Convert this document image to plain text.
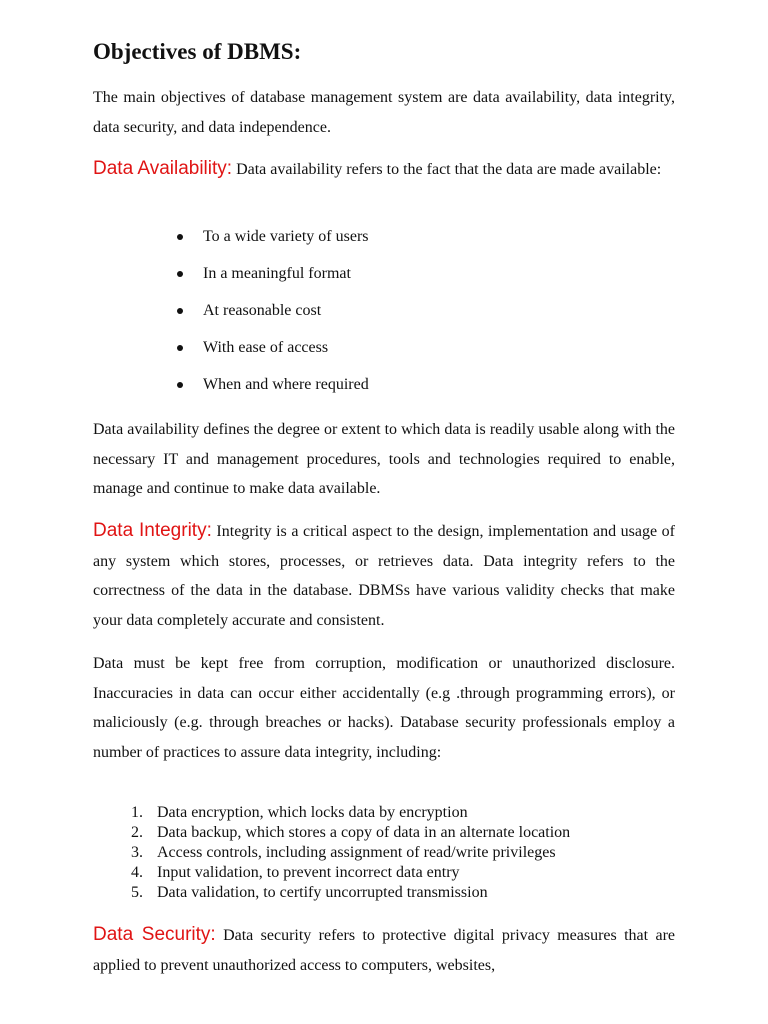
Objectives of DBMS:

The main objectives of database management system are data availability, data integrity, data security, and data independence.

Data Availability: Data availability refers to the fact that the data are made available:

To a wide variety of users
In a meaningful format
At reasonable cost
With ease of access
When and where required

Data availability defines the degree or extent to which data is readily usable along with the necessary IT and management procedures, tools and technologies required to enable, manage and continue to make data available.

Data Integrity: Integrity is a critical aspect to the design, implementation and usage of any system which stores, processes, or retrieves data. Data integrity refers to the correctness of the data in the database. DBMSs have various validity checks that make your data completely accurate and consistent.

Data must be kept free from corruption, modification or unauthorized disclosure. Inaccuracies in data can occur either accidentally (e.g .through programming errors), or maliciously (e.g. through breaches or hacks). Database security professionals employ a number of practices to assure data integrity, including:

1. Data encryption, which locks data by encryption
2. Data backup, which stores a copy of data in an alternate location
3. Access controls, including assignment of read/write privileges
4. Input validation, to prevent incorrect data entry
5. Data validation, to certify uncorrupted transmission

Data Security: Data security refers to protective digital privacy measures that are applied to prevent unauthorized access to computers, websites,
